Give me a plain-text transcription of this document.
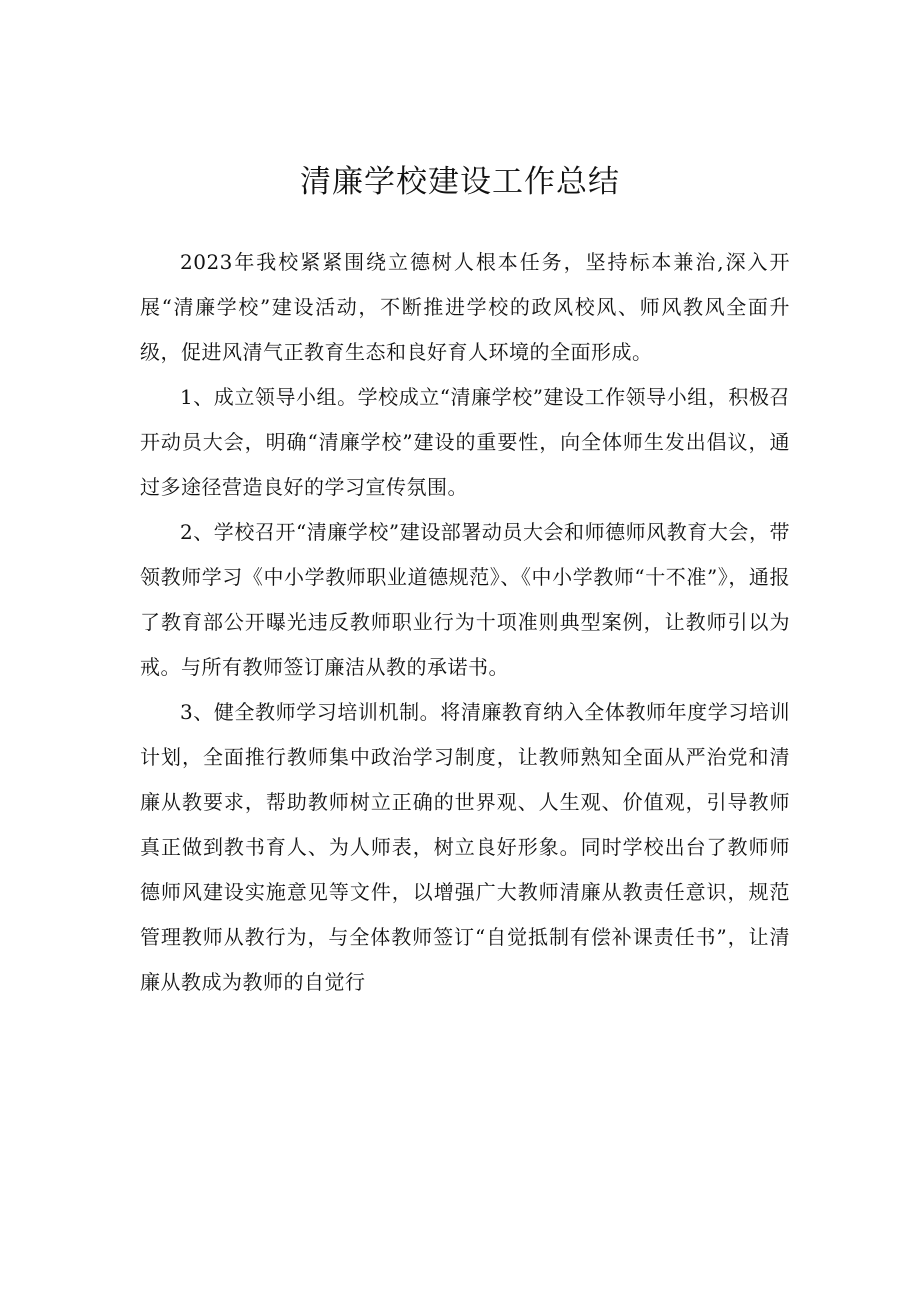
清廉学校建设工作总结

2023年我校紧紧围绕立德树人根本任务，坚持标本兼治,深入开展“清廉学校”建设活动，不断推进学校的政风校风、师风教风全面升级，促进风清气正教育生态和良好育人环境的全面形成。

1、成立领导小组。学校成立“清廉学校”建设工作领导小组，积极召开动员大会，明确“清廉学校”建设的重要性，向全体师生发出倡议，通过多途径营造良好的学习宣传氛围。

2、学校召开“清廉学校”建设部署动员大会和师德师风教育大会，带领教师学习《中小学教师职业道德规范》、《中小学教师“十不准”》，通报了教育部公开曝光违反教师职业行为十项准则典型案例，让教师引以为戒。与所有教师签订廉洁从教的承诺书。

3、健全教师学习培训机制。将清廉教育纳入全体教师年度学习培训计划，全面推行教师集中政治学习制度，让教师熟知全面从严治党和清廉从教要求，帮助教师树立正确的世界观、人生观、价值观，引导教师真正做到教书育人、为人师表，树立良好形象。同时学校出台了教师师德师风建设实施意见等文件，以增强广大教师清廉从教责任意识，规范管理教师从教行为，与全体教师签订“自觉抵制有偿补课责任书”，让清廉从教成为教师的自觉行
